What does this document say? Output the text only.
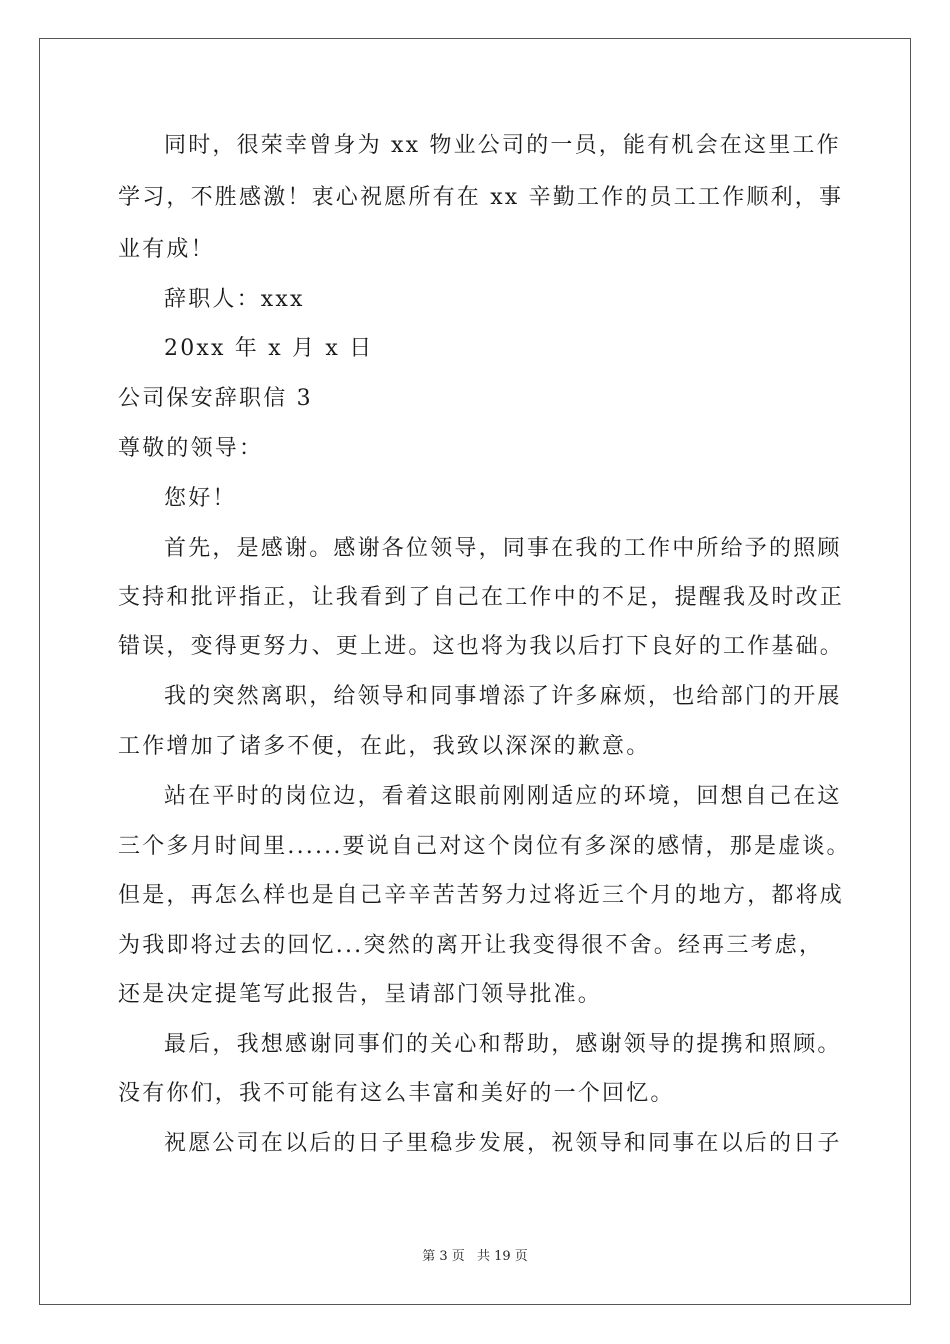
同时，很荣幸曾身为 xx 物业公司的一员，能有机会在这里工作
学习，不胜感激！衷心祝愿所有在 xx 辛勤工作的员工工作顺利，事
业有成！
辞职人：xxx
20xx 年 x 月 x 日
公司保安辞职信 3
尊敬的领导：
您好！
首先，是感谢。感谢各位领导，同事在我的工作中所给予的照顾
支持和批评指正，让我看到了自己在工作中的不足，提醒我及时改正
错误，变得更努力、更上进。这也将为我以后打下良好的工作基础。
我的突然离职，给领导和同事增添了许多麻烦，也给部门的开展
工作增加了诸多不便，在此，我致以深深的歉意。
站在平时的岗位边，看着这眼前刚刚适应的环境，回想自己在这
三个多月时间里......要说自己对这个岗位有多深的感情，那是虚谈。
但是，再怎么样也是自己辛辛苦苦努力过将近三个月的地方，都将成
为我即将过去的回忆...突然的离开让我变得很不舍。经再三考虑，
还是决定提笔写此报告，呈请部门领导批准。
最后，我想感谢同事们的关心和帮助，感谢领导的提携和照顾。
没有你们，我不可能有这么丰富和美好的一个回忆。
祝愿公司在以后的日子里稳步发展，祝领导和同事在以后的日子
第 3 页 共 19 页
